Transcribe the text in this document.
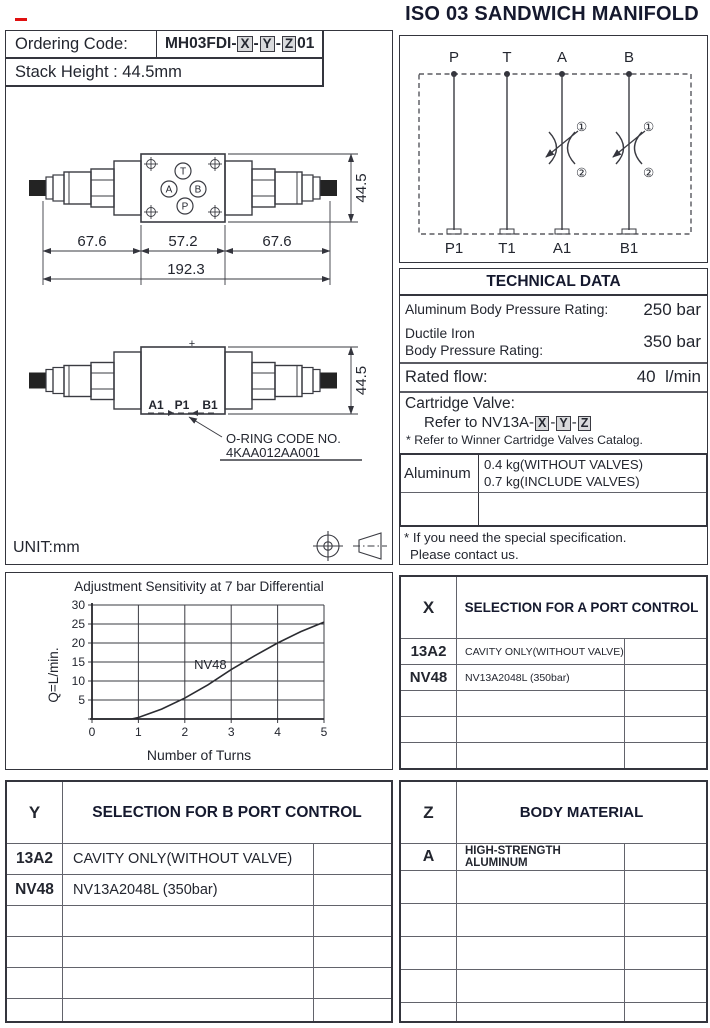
ISO 03 SANDWICH MANIFOLD
Ordering Code:	MH03FDI- X - Y - Z 01
Stack Height : 44.5mm
T
A B
P
67.6	57.2	67.6
192.3
44.5
+
A1 P1 B1
O-RING CODE NO.
4KAA012AA001
44.5
UNIT:mm
P	T	A	B
P1 T1 A1	B1
①
②
①
②
TECHNICAL DATA
Aluminum Body Pressure Rating: 250 bar
Ductile Iron
Body Pressure Rating:	350 bar
Rated flow:	40 l/min
Cartridge Valve:
Refer to NV13A- X - Y - Z
* Refer to Winner Cartridge Valves Catalog.
Aluminum
0.4 kg(WITHOUT VALVES)
0.7 kg(INCLUDE VALVES)
* If you need the special specification.
Please contact us.
Adjustment Sensitivity at 7 bar Differential
Q=L/min.
0	1	2	3	4	5
5
10
15
20
25
30
NV48
Number of Turns
X	SELECTION FOR A PORT CONTROL
13A2	CAVITY ONLY(WITHOUT VALVE)
NV48	NV13A2048L (350bar)
Y	SELECTION FOR B PORT CONTROL
13A2	CAVITY ONLY(WITHOUT VALVE)
NV48	NV13A2048L (350bar)
Z	BODY MATERIAL
A	HIGH-STRENGTH ALUMINUM
